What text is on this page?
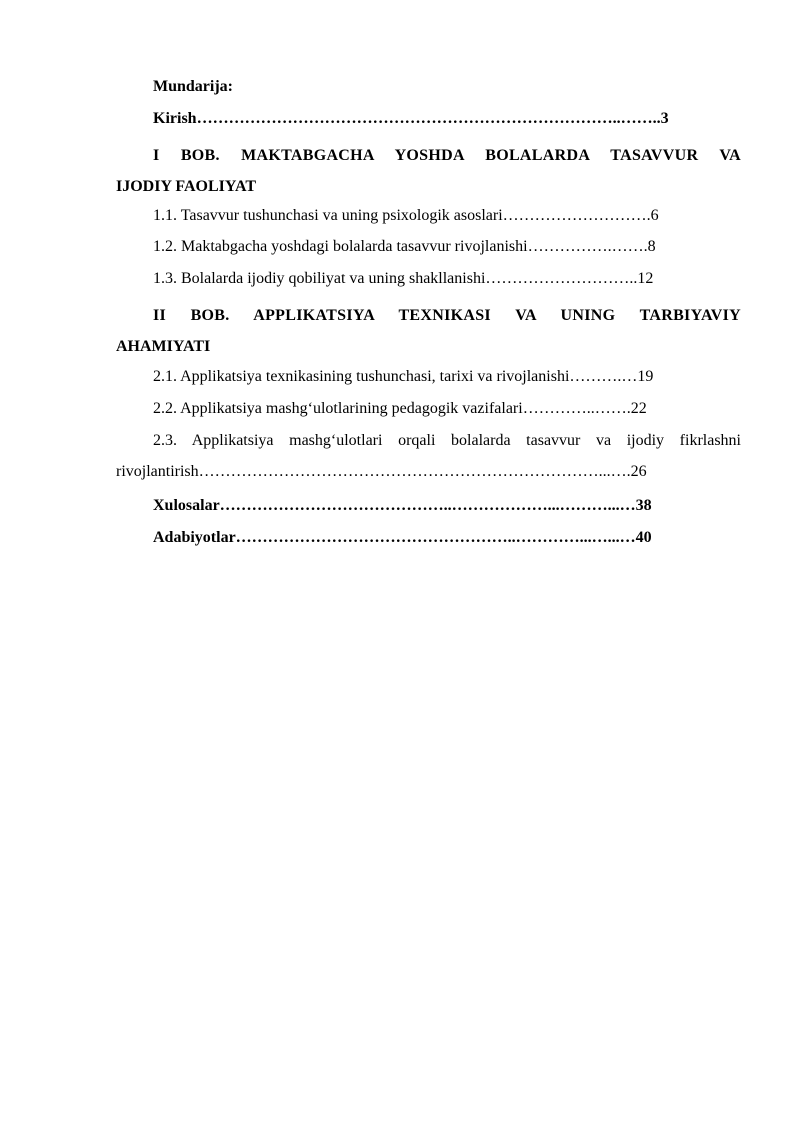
Mundarija:
Kirish……………………………………………………………………..……..3
I BOB. MAKTABGACHA YOSHDA BOLALARDA TASAVVUR VA
IJODIY FAOLIYAT
1.1. Tasavvur tushunchasi va uning psixologik asoslari……………………….6
1.2. Maktabgacha yoshdagi bolalarda tasavvur rivojlanishi…………….…….8
1.3. Bolalarda ijodiy qobiliyat va uning shakllanishi………………………..12
II BOB. APPLIKATSIYA TEXNIKASI VA UNING TARBIYAVIY
AHAMIYATI
2.1. Applikatsiya texnikasining tushunchasi, tarixi va rivojlanishi……….…19
2.2. Applikatsiya mashg‘ulotlarining pedagogik vazifalari…………..…….22
2.3. Applikatsiya mashg‘ulotlari orqali bolalarda tasavvur va ijodiy fikrlashni
rivojlantirish…………………………………………………………………...….26
Xulosalar……………………………………..………………...………...…38
Adabiyotlar……………………………………………..…………...…...…40
